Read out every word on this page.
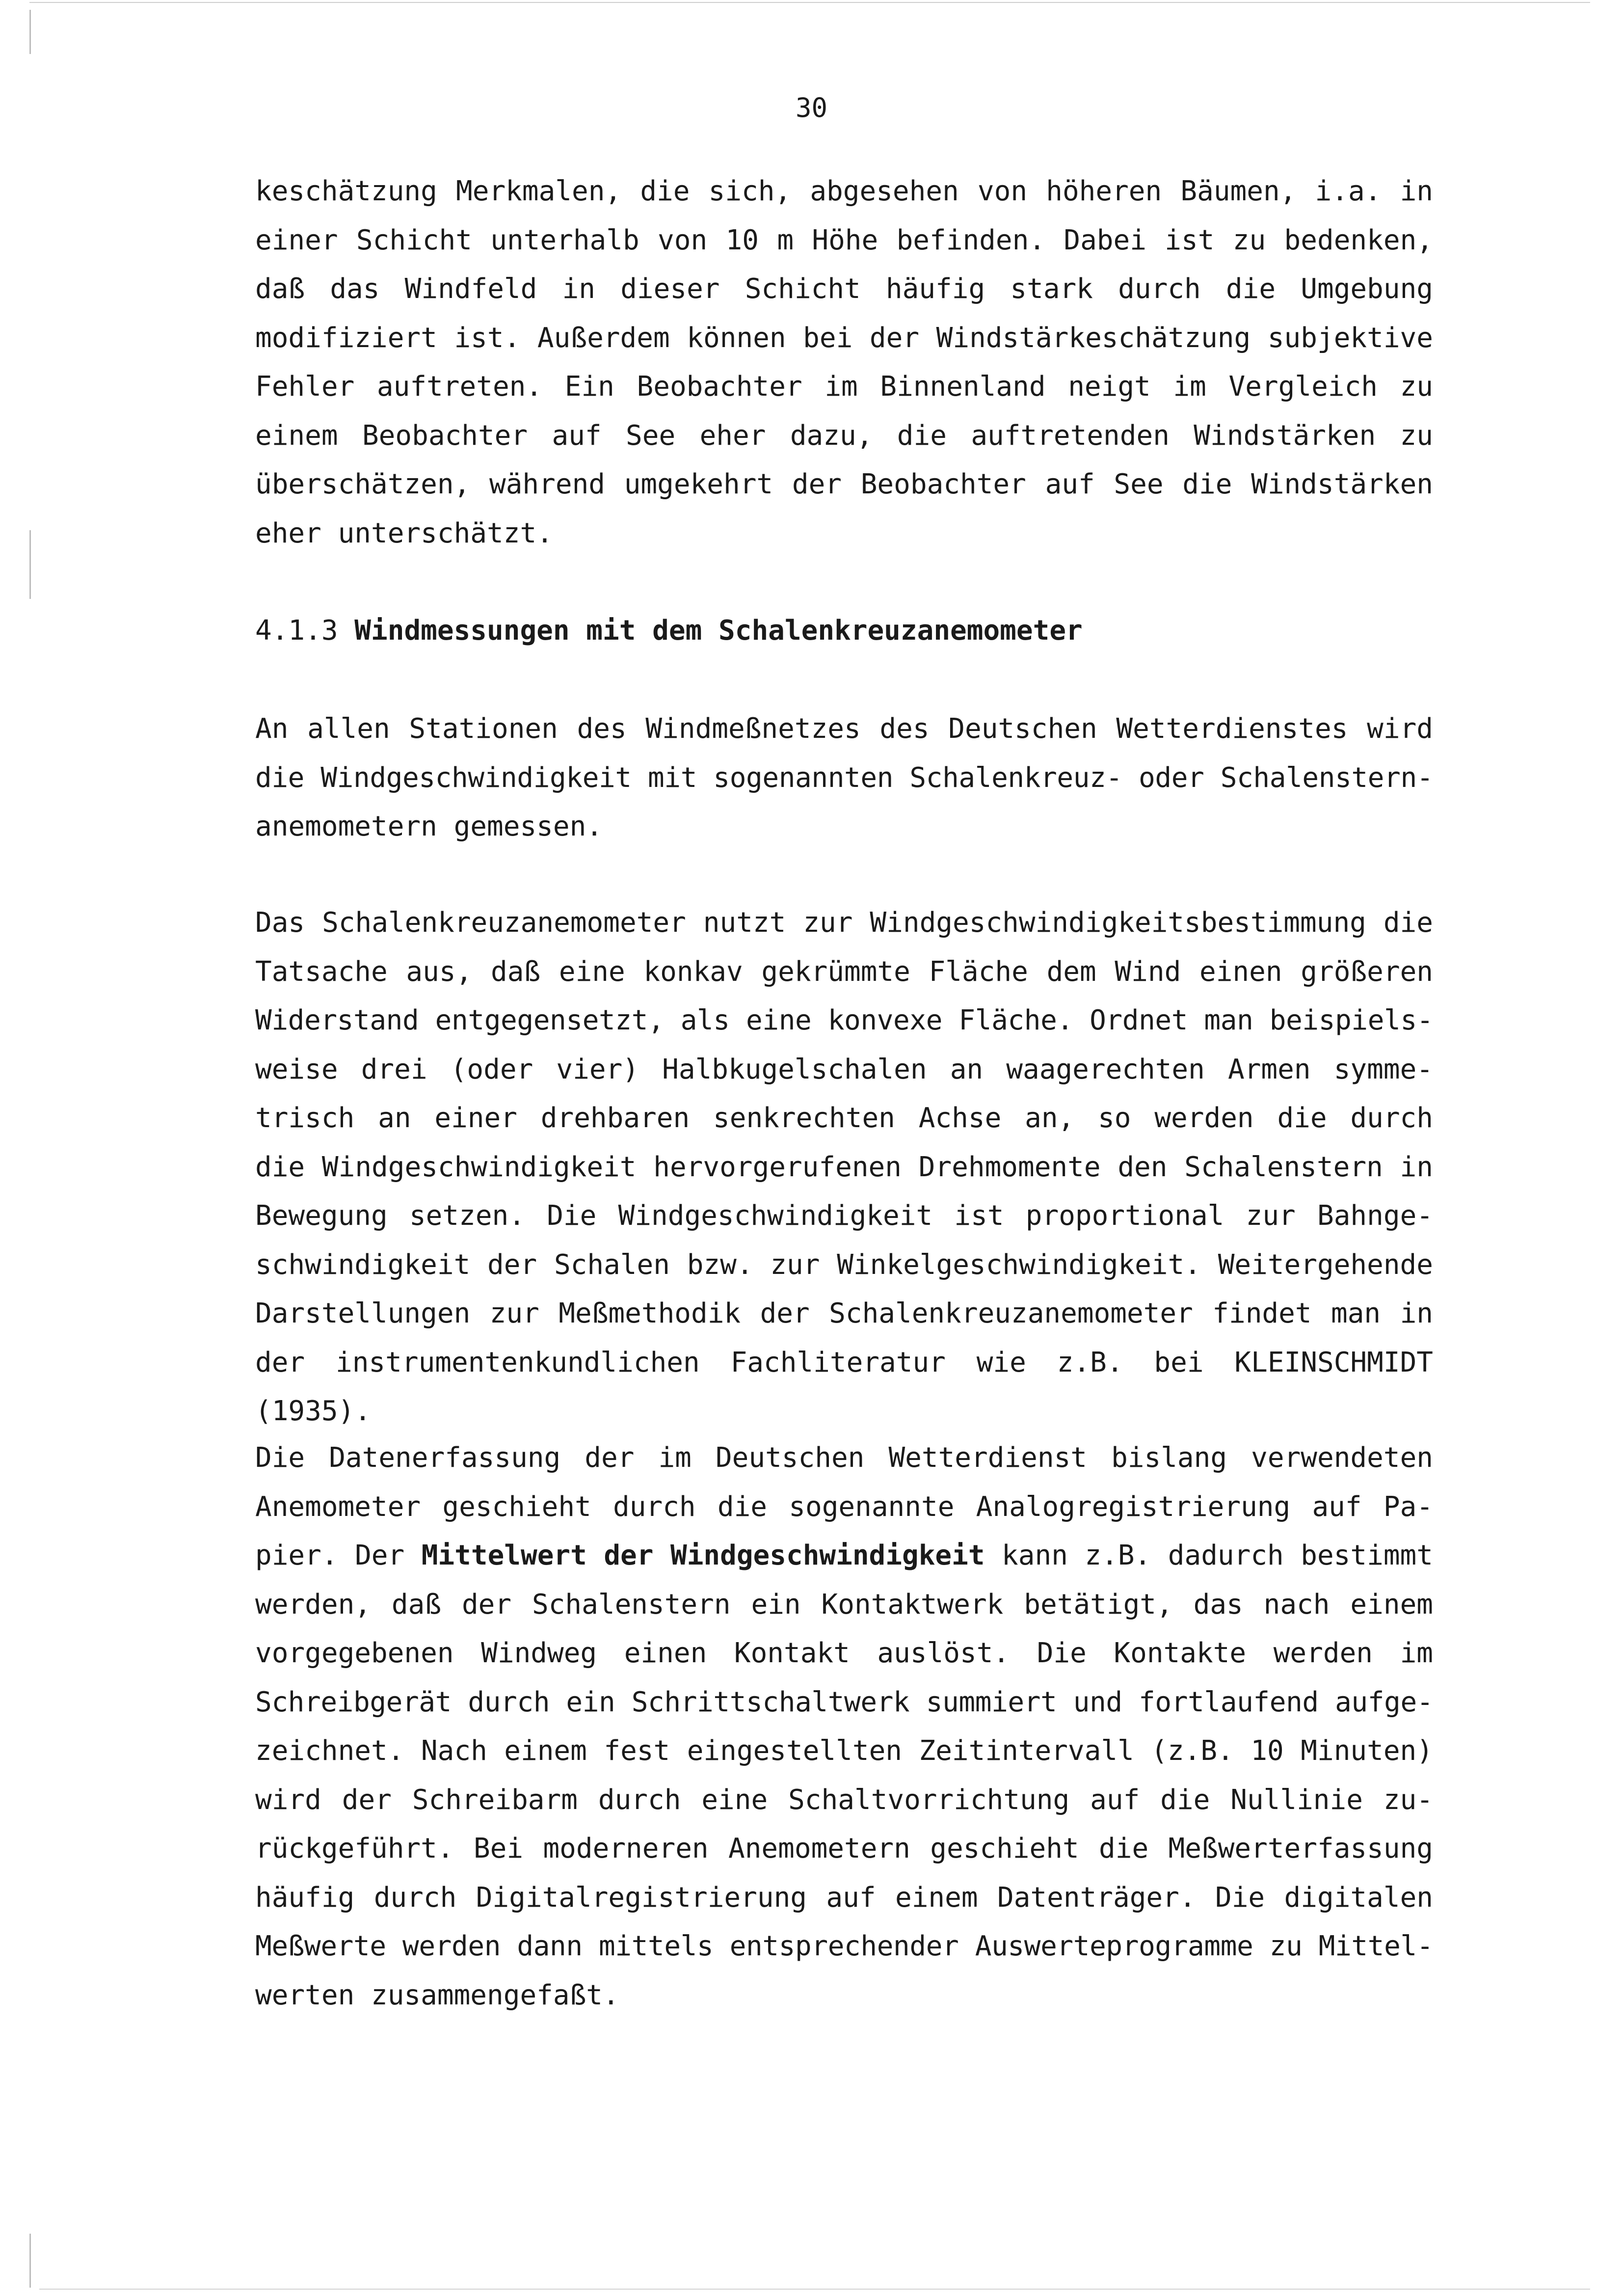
30

keschätzung Merkmalen, die sich, abgesehen von höheren Bäumen, i.a. in
einer Schicht unterhalb von 10 m Höhe befinden. Dabei ist zu bedenken,
daß das Windfeld in dieser Schicht häufig stark durch die Umgebung
modifiziert ist. Außerdem können bei der Windstärkeschätzung subjektive
Fehler auftreten. Ein Beobachter im Binnenland neigt im Vergleich zu
einem Beobachter auf See eher dazu, die auftretenden Windstärken zu
überschätzen, während umgekehrt der Beobachter auf See die Windstärken
eher unterschätzt.

4.1.3 Windmessungen mit dem Schalenkreuzanemometer

An allen Stationen des Windmeßnetzes des Deutschen Wetterdienstes wird
die Windgeschwindigkeit mit sogenannten Schalenkreuz- oder Schalenstern-
anemometern gemessen.

Das Schalenkreuzanemometer nutzt zur Windgeschwindigkeitsbestimmung die
Tatsache aus, daß eine konkav gekrümmte Fläche dem Wind einen größeren
Widerstand entgegensetzt, als eine konvexe Fläche. Ordnet man beispiels-
weise drei (oder vier) Halbkugelschalen an waagerechten Armen symme-
trisch an einer drehbaren senkrechten Achse an, so werden die durch
die Windgeschwindigkeit hervorgerufenen Drehmomente den Schalenstern in
Bewegung setzen. Die Windgeschwindigkeit ist proportional zur Bahnge-
schwindigkeit der Schalen bzw. zur Winkelgeschwindigkeit. Weitergehende
Darstellungen zur Meßmethodik der Schalenkreuzanemometer findet man in
der instrumentenkundlichen Fachliteratur wie z.B. bei KLEINSCHMIDT
(1935).

Die Datenerfassung der im Deutschen Wetterdienst bislang verwendeten
Anemometer geschieht durch die sogenannte Analogregistrierung auf Pa-
pier. Der Mittelwert der Windgeschwindigkeit kann z.B. dadurch bestimmt
werden, daß der Schalenstern ein Kontaktwerk betätigt, das nach einem
vorgegebenen Windweg einen Kontakt auslöst. Die Kontakte werden im
Schreibgerät durch ein Schrittschaltwerk summiert und fortlaufend aufge-
zeichnet. Nach einem fest eingestellten Zeitintervall (z.B. 10 Minuten)
wird der Schreibarm durch eine Schaltvorrichtung auf die Nullinie zu-
rückgeführt. Bei moderneren Anemometern geschieht die Meßwerterfassung
häufig durch Digitalregistrierung auf einem Datenträger. Die digitalen
Meßwerte werden dann mittels entsprechender Auswerteprogramme zu Mittel-
werten zusammengefaßt.
